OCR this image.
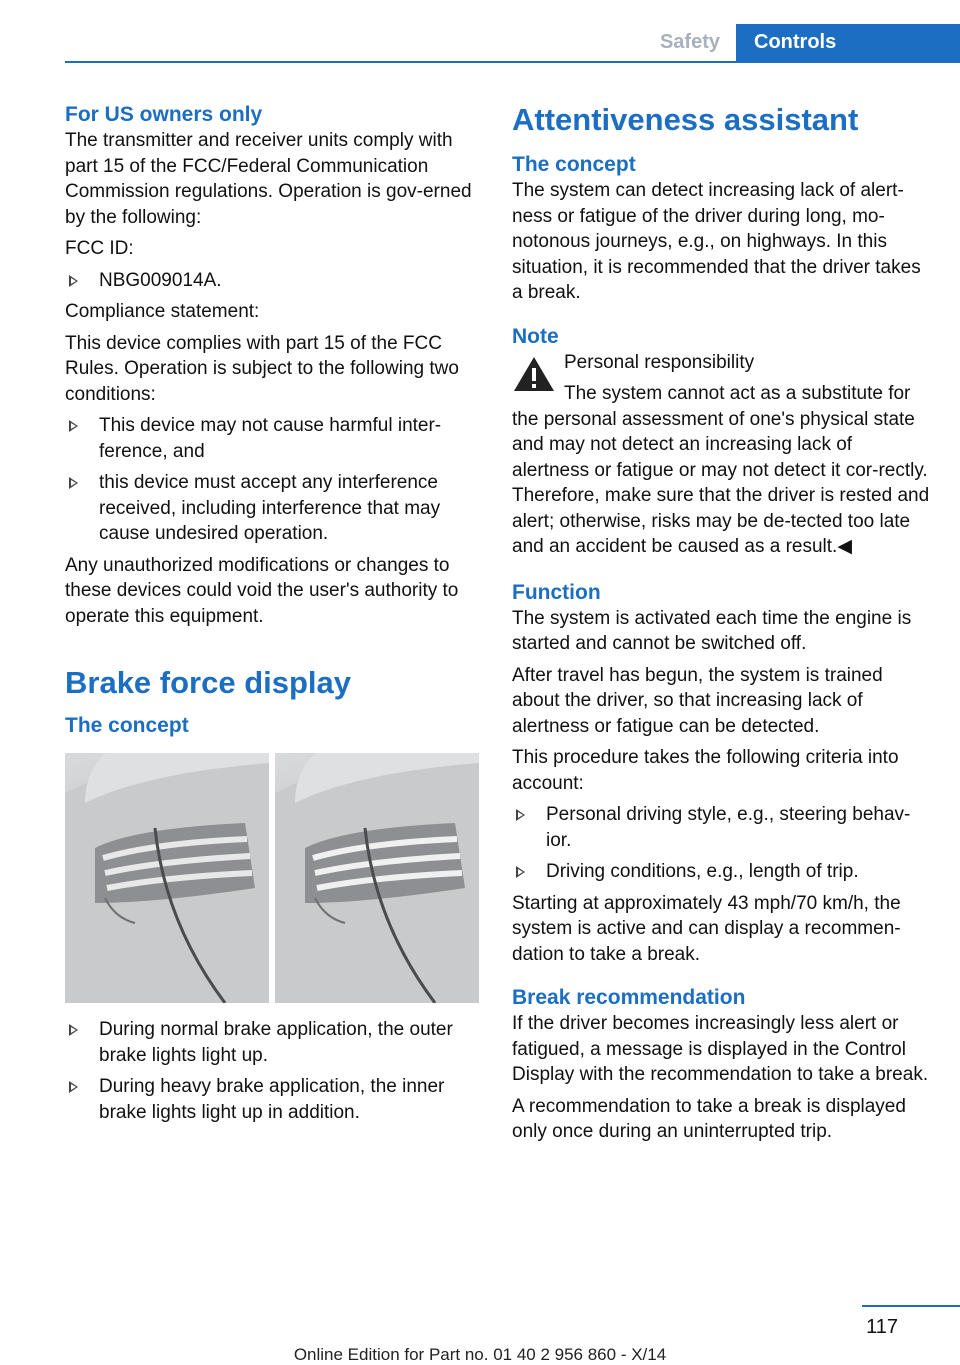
Safety	Controls
For US owners only

The transmitter and receiver units comply with part 15 of the FCC/Federal Communication Commission regulations. Operation is gov‐erned by the following:

FCC ID:

NBG009014A.

Compliance statement:

This device complies with part 15 of the FCC Rules. Operation is subject to the following two conditions:

This device may not cause harmful inter‐ference, and
this device must accept any interference received, including interference that may cause undesired operation.

Any unauthorized modifications or changes to these devices could void the user's authority to operate this equipment.

Brake force display
The concept
During normal brake application, the outer brake lights light up.
During heavy brake application, the inner brake lights light up in addition.
Attentiveness assistant
The concept

The system can detect increasing lack of alert‐ness or fatigue of the driver during long, mo‐notonous journeys, e.g., on highways. In this situation, it is recommended that the driver takes a break.

Note

Personal responsibility

The system cannot act as a substitute for

the personal assessment of one's physical state and may not detect an increasing lack of alertness or fatigue or may not detect it cor‐rectly. Therefore, make sure that the driver is rested and alert; otherwise, risks may be de‐tected too late and an accident be caused as a result.◀

Function

The system is activated each time the engine is started and cannot be switched off.

After travel has begun, the system is trained about the driver, so that increasing lack of alertness or fatigue can be detected.

This procedure takes the following criteria into account:

Personal driving style, e.g., steering behav‐ior.
Driving conditions, e.g., length of trip.

Starting at approximately 43 mph/70 km/h, the system is active and can display a recommen‐dation to take a break.

Break recommendation

If the driver becomes increasingly less alert or fatigued, a message is displayed in the Control Display with the recommendation to take a break.

A recommendation to take a break is displayed only once during an uninterrupted trip.

117
Online Edition for Part no. 01 40 2 956 860 - X/14
